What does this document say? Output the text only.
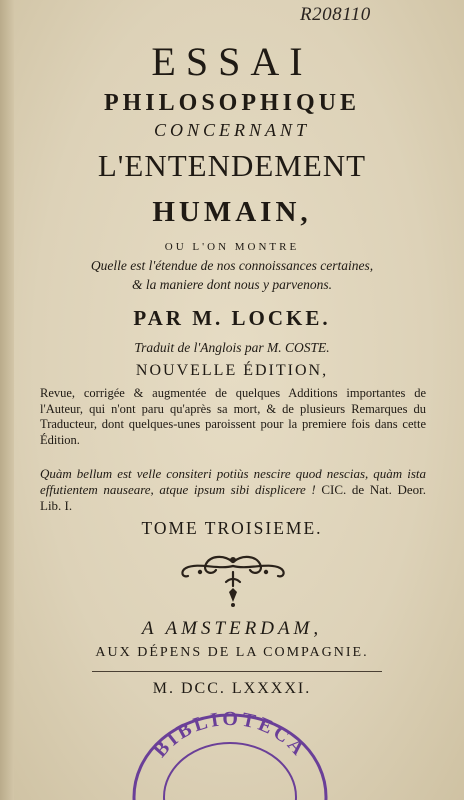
R208110
ESSAI
PHILOSOPHIQUE
CONCERNANT
L'ENTENDEMENT
HUMAIN,
OU L'ON MONTRE
Quelle est l'étendue de nos connoissances certaines,
& la maniere dont nous y parvenons.
PAR M. LOCKE.
Traduit de l'Anglois par M. COSTE.
NOUVELLE ÉDITION,
Revue, corrigée & augmentée de quelques Additions importantes de l'Auteur, qui n'ont paru qu'après sa mort, & de plusieurs Remarques du Traducteur, dont quelques-unes paroissent pour la premiere fois dans cette Édition.
Quàm bellum est velle consiteri potiùs nescire quod nescias, quàm ista effutientem nauseare, atque ipsum sibi displicere ! CIC. de Nat. Deor. Lib. I.
TOME TROISIEME.
A AMSTERDAM,
AUX DÉPENS DE LA COMPAGNIE.
M. DCC. LXXXXI.
BIBLIOTECA
